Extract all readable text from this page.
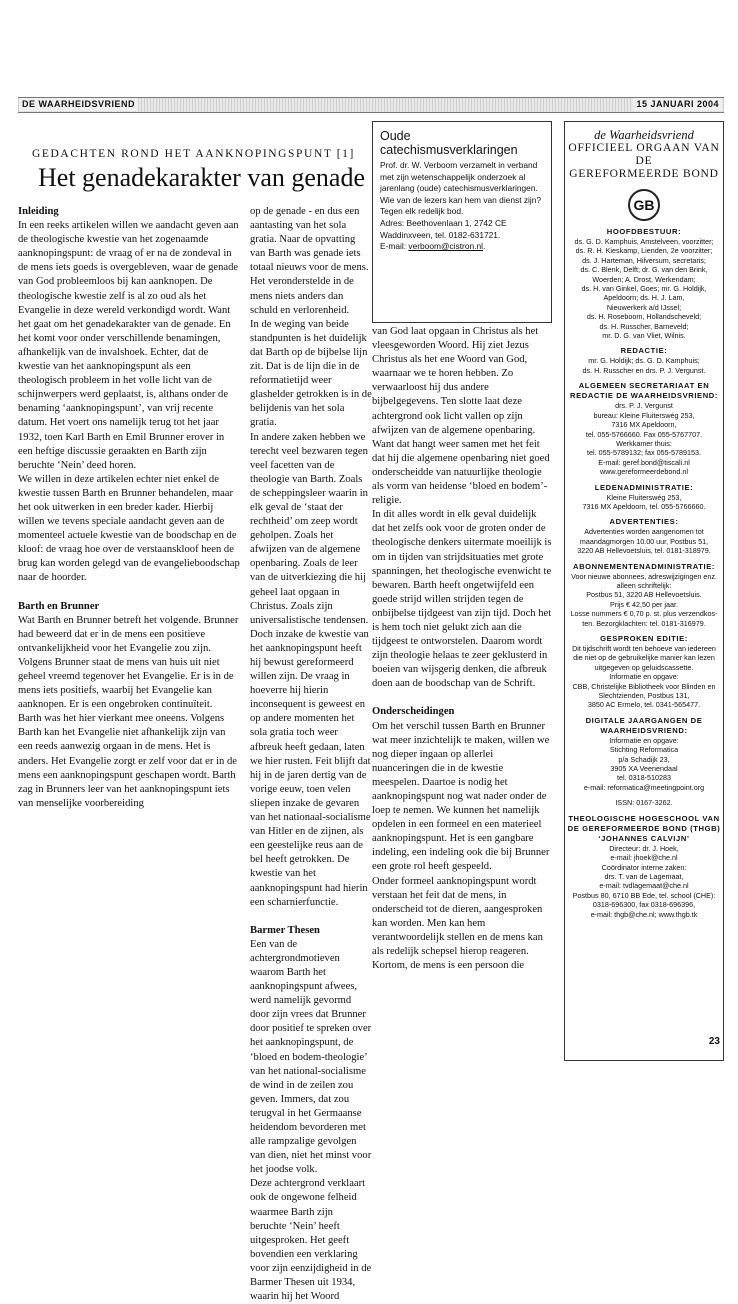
DE WAARHEIDSVRIEND	15 JANUARI 2004
GEDACHTEN ROND HET AANKNOPINGSPUNT [1]
Het genadekarakter van genade

Inleiding

In een reeks artikelen willen we aandacht geven aan de theologische kwestie van het zogenaamde aanknopingspunt: de vraag of er na de zondeval in de mens iets goeds is overgebleven, waar de genade van God probleemloos bij kan aanknopen. De theologische kwestie zelf is al zo oud als het Evangelie in deze wereld verkondigd wordt. Want het gaat om het genadekarakter van de genade. En het komt voor onder verschillende benamingen, afhankelijk van de invalshoek. Echter, dat de kwestie van het aanknopingspunt als een theologisch probleem in het volle licht van de schijnwerpers werd geplaatst, is, althans onder de benaming ‘aanknopingspunt’, van vrij recente datum. Het voert ons namelijk terug tot het jaar 1932, toen Karl Barth en Emil Brunner erover in een heftige discussie geraakten en Barth zijn beruchte ‘Nein’ deed horen.

We willen in deze artikelen echter niet enkel de kwestie tussen Barth en Brunner behandelen, maar het ook uitwerken in een breder kader. Hierbij willen we tevens speciale aandacht geven aan de momenteel actuele kwestie van de boodschap en de kloof: de vraag hoe over de verstaanskloof heen de brug kan worden gelegd van de evangelieboodschap naar de hoorder.

Barth en Brunner

Wat Barth en Brunner betreft het volgende. Brunner had beweerd dat er in de mens een positieve ontvankelijkheid voor het Evangelie zou zijn. Volgens Brunner staat de mens van huis uit niet geheel vreemd tegenover het Evangelie. Er is in de mens iets positiefs, waarbij het Evangelie kan aanknopen. Er is een ongebroken continuïteit.

Barth was het hier vierkant mee oneens. Volgens Barth kan het Evangelie niet afhankelijk zijn van een reeds aanwezig orgaan in de mens. Het is anders. Het Evangelie zorgt er zelf voor dat er in de mens een aanknopingspunt geschapen wordt. Barth zag in Brunners leer van het aanknopingspunt iets van menselijke voorbereiding

op de genade - en dus een aantasting van het sola gratia. Naar de opvatting van Barth was genade iets totaal nieuws voor de mens. Het veronderstelde in de mens niets anders dan schuld en verlorenheid.

In de weging van beide standpunten is het duidelijk dat Barth op de bijbelse lijn zit. Dat is de lijn die in de reformatietijd weer glashelder getrokken is in de belijdenis van het sola gratia.

In andere zaken hebben we terecht veel bezwaren tegen veel facetten van de theologie van Barth. Zoals de scheppingsleer waarin in elk geval de ‘staat der rechtheid’ om zeep wordt geholpen. Zoals het afwijzen van de algemene openbaring. Zoals de leer van de uitverkiezing die hij geheel laat opgaan in Christus. Zoals zijn universalistische tendensen. Doch inzake de kwestie van het aanknopingspunt heeft hij bewust gereformeerd willen zijn. De vraag in hoeverre hij hierin inconsequent is geweest en op andere momenten het sola gratia toch weer afbreuk heeft gedaan, laten we hier rusten. Feit blijft dat hij in de jaren dertig van de vorige eeuw, toen velen sliepen inzake de gevaren van het nationaal-socialisme van Hitler en de zijnen, als een geestelijke reus aan de bel heeft getrokken. De kwestie van het aanknopingspunt had hierin een scharnierfunctie.

Barmer Thesen

Een van de achtergrondmotieven waarom Barth het aanknopingspunt afwees, werd namelijk gevormd door zijn vrees dat Brunner door positief te spreken over het aanknopingspunt, de ‘bloed en bodem-theologie’ van het national-socialisme de wind in de zeilen zou geven. Immers, dat zou terugval in het Germaanse heidendom bevorderen met alle rampzalige gevolgen van dien, niet het minst voor het joodse volk.

Deze achtergrond verklaart ook de ongewone felheid waarmee Barth zijn beruchte ‘Nein’ heeft uitgesproken. Het geeft bovendien een verklaring voor zijn eenzijdigheid in de Barmer Thesen uit 1934, waarin hij het Woord

van God laat opgaan in Christus als het vleesgeworden Woord. Hij ziet Jezus Christus als het ene Woord van God, waarnaar we te horen hebben. Zo verwaarloost hij dus andere bijbelgegevens. Ten slotte laat deze achtergrond ook licht vallen op zijn afwijzen van de algemene openbaring. Want dat hangt weer samen met het feit dat hij die algemene openbaring niet goed onderscheidde van natuurlijke theologie als vorm van heidense ‘bloed en bodem’-religie.

In dit alles wordt in elk geval duidelijk dat het zelfs ook voor de groten onder de theologische denkers uitermate moeilijk is om in tijden van strijdsituaties met grote spanningen, het theologische evenwicht te bewaren. Barth heeft ongetwijfeld een goede strijd willen strijden tegen de onbijbelse tijdgeest van zijn tijd. Doch het is hem toch niet gelukt zich aan die tijdgeest te ontworstelen. Daarom wordt zijn theologie helaas te zeer geklusterd in boeien van wijsgerig denken, die afbreuk doen aan de boodschap van de Schrift.

Onderscheidingen

Om het verschil tussen Barth en Brunner wat meer inzichtelijk te maken, willen we nog dieper ingaan op allerlei nuanceringen die in de kwestie meespelen. Daartoe is nodig het aanknopingspunt nog wat nader onder de loep te nemen. We kunnen het namelijk opdelen in een formeel en een materieel aanknopingspunt. Het is een gangbare indeling, een indeling ook die bij Brunner een grote rol heeft gespeeld.

Onder formeel aanknopingspunt wordt verstaan het feit dat de mens, in onderscheid tot de dieren, aangesproken kan worden. Men kan hem verantwoordelijk stellen en de mens kan als redelijk schepsel hierop reageren. Kortom, de mens is een persoon die

Oude
catechismusverklaringen

Prof. dr. W. Verboom verzamelt in verband met zijn wetenschappelijk onderzoek al jarenlang (oude) catechismusverklaringen. Wie van de lezers kan hem van dienst zijn? Tegen elk redelijk bod.

Adres: Beethovenlaan 1, 2742 CE Waddinxveen, tel. 0182-631721.

E-mail: verboom@cistron.nl.

de Waarheidsvriend
OFFICIEEL ORGAAN VAN DE
GEREFORMEERDE BOND
GB
HOOFDBESTUUR:
ds. G. D. Kamphuis, Amstelveen, voorzitter;
ds. R. H. Kieskamp, Lienden, 2e voorzitter;
ds. J. Harteman, Hilversum, secretaris;
ds. C. Blenk, Delft; dr. G. van den Brink,
Woerden; A. Drost, Werkendam;
ds. H. van Ginkel, Goes; mr. G. Holdijk,
Apeldoorn; ds. H. J. Lam,
Nieuwerkerk a/d IJssel;
ds. H. Roseboom, Hollandscheveld;
ds. H. Russcher, Barneveld;
mr. D. G. van Vliet, Wilnis.
REDACTIE:
mr. G. Holdijk; ds. G. D. Kamphuis;
ds. H. Russcher en drs. P. J. Vergunst.
ALGEMEEN SECRETARIAAT EN REDACTIE DE WAARHEIDSVRIEND:
drs. P. J. Vergunst
bureau: Kleine Fluiterswég 253,
7316 MX Apeldoorn,
tel. 055-5766660. Fax 055-5767707.
Werkkamer thuis:
tel. 055-5789132; fax 055-5789153.
E-mail: geref.bond@tiscali.nl
www.gereformeerdebond.nl
LEDENADMINISTRATIE:
Kleine Fluiterswég 253,
7316 MX Apeldoorn, tel. 055-5766660.
ADVERTENTIES:
Advertenties worden aangenomen tot
maandagmorgen 10.00 uur, Postbus 51,
3220 AB Hellevoetsluis, tel. 0181-318979.
ABONNEMENTENADMINISTRATIE:
Voor nieuwe abonnees, adreswijzigingen enz.
alleen schriftelijk:
Postbus 51, 3220 AB Hellevoetsluis.
Prijs € 42,50 per jaar.
Losse nummers € 0,70 p. st. plus verzendkos-
ten. Bezorgklachten: tel. 0181-316979.
GESPROKEN EDITIE:
Dit tijdschrift wordt ten behoeve van iedereen
die niet op de gebruikelijke manier kan lezen
uitgegeven op geluidscassette.
Informatie en opgave:
CBB, Christelijke Bibliotheek voor Blinden en
Slechtzienden, Postbus 131,
3850 AC Ermelo, tel. 0341-565477.
DIGITALE JAARGANGEN DE WAARHEIDSVRIEND:
Informatie en opgave:
Stichting Reformatica
p/a Schadijk 23,
3905 XA Veenendaal
tel. 0318-510283
e-mail: reformatica@meetingpoint.org
ISSN: 0167-3262.
THEOLOGISCHE HOGESCHOOL VAN DE GEREFORMEERDE BOND (THGB) ‘JOHANNES CALVIJN’
Directeur: dr. J. Hoek,
e-mail: jhoek@che.nl
Coördinator interne zaken:
drs. T. van de Lagemaat,
e-mail: tvdlagemaat@che.nl
Postbus 80, 6710 BB Ede, tel. school (CHE):
0318-696300, fax 0318-696396,
e-mail: thgb@che.nl; www.thgb.tk
23
